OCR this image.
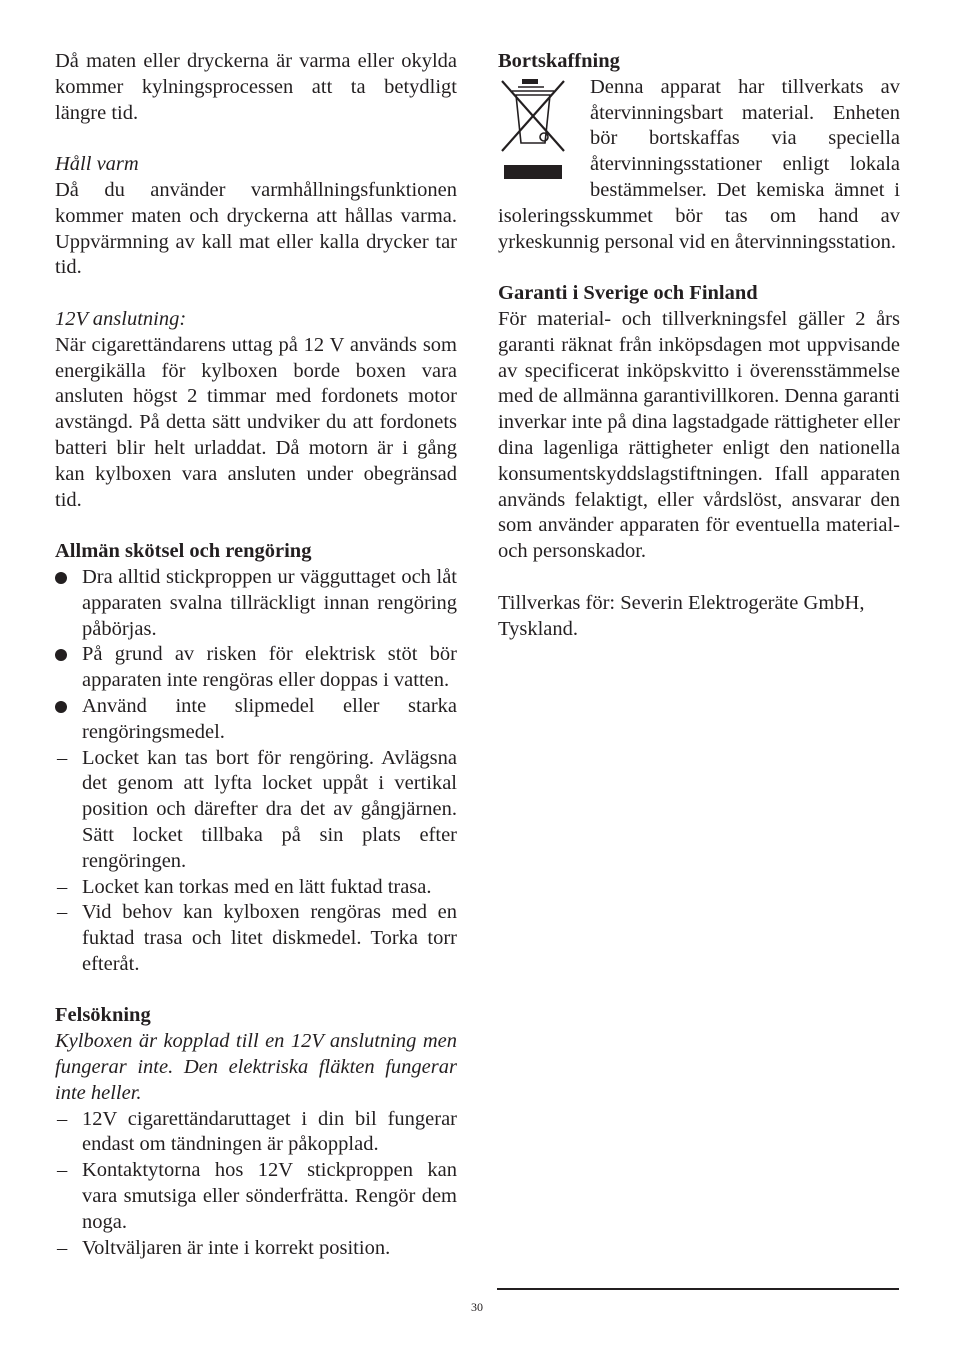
Då maten eller dryckerna är varma eller okylda kommer kylningsprocessen att ta betydligt längre tid.

Håll varm

Då du använder varmhållningsfunktionen kommer maten och dryckerna att hållas varma. Uppvärmning av kall mat eller kalla drycker tar tid.

12V anslutning:

När cigarettändarens uttag på 12 V används som energikälla för kylboxen borde boxen vara ansluten högst 2 timmar med fordonets motor avstängd. På detta sätt undviker du att fordonets batteri blir helt urladdat. Då motorn är i gång kan kylboxen vara ansluten under obegränsad tid.

Allmän skötsel och rengöring

Dra alltid stickproppen ur vägguttaget och låt apparaten svalna tillräckligt innan rengöring påbörjas.
På grund av risken för elektrisk stöt bör apparaten inte rengöras eller doppas i vatten.
Använd inte slipmedel eller starka rengöringsmedel.
– Locket kan tas bort för rengöring. Avlägsna det genom att lyfta locket uppåt i vertikal position och därefter dra det av gångjärnen. Sätt locket tillbaka på sin plats efter rengöringen.
– Locket kan torkas med en lätt fuktad trasa.
– Vid behov kan kylboxen rengöras med en fuktad trasa och litet diskmedel. Torka torr efteråt.

Felsökning

Kylboxen är kopplad till en 12V anslutning men fungerar inte. Den elektriska fläkten fungerar inte heller.

– 12V cigarettändaruttaget i din bil fungerar endast om tändningen är påkopplad.
– Kontaktytorna hos 12V stickproppen kan vara smutsiga eller sönderfrätta. Rengör dem noga.
– Voltväljaren är inte i korrekt position.

Bortskaffning

Denna apparat har tillverkats av återvinningsbart material. Enheten bör bortskaffas via speciella återvinningsstationer enligt lokala bestämmelser. Det kemiska ämnet i isoleringsskummet bör tas om hand av yrkeskunnig personal vid en återvinningsstation.

Garanti i Sverige och Finland

För material- och tillverkningsfel gäller 2 års garanti räknat från inköpsdagen mot uppvisande av specificerat inköpskvitto i överensstämmelse med de allmänna garantivillkoren. Denna garanti inverkar inte på dina lagstadgade rättigheter eller dina lagenliga rättigheter enligt den nationella konsumentskyddslagstiftningen. Ifall apparaten används felaktigt, eller vårdslöst, ansvarar den som använder apparaten för eventuella material- och personskador.

Tillverkas för: Severin Elektrogeräte GmbH, Tyskland.

30
